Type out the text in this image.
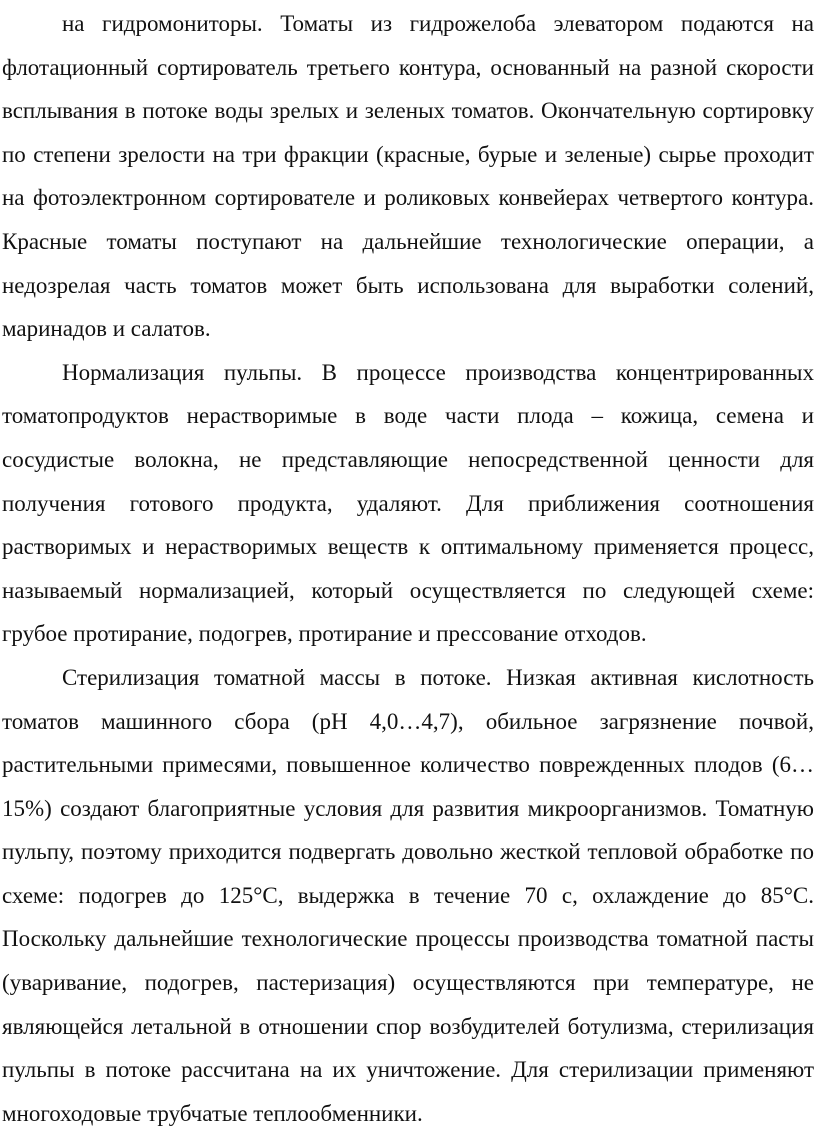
на гидромониторы. Томаты из гидрожелоба элеватором подаются на флотационный сортирователь третьего контура, основанный на разной скорости всплывания в потоке воды зрелых и зеленых томатов. Окончательную сортировку по степени зрелости на три фракции (красные, бурые и зеленые) сырье проходит на фотоэлектронном сортирователе и роликовых конвейерах четвертого контура. Красные томаты поступают на дальнейшие технологические операции, а недозрелая часть томатов может быть использована для выработки солений, маринадов и салатов.

Нормализация пульпы. В процессе производства концентрированных томатопродуктов нерастворимые в воде части плода – кожица, семена и сосудистые волокна, не представляющие непосредственной ценности для получения готового продукта, удаляют. Для приближения соотношения растворимых и нерастворимых веществ к оптимальному применяется процесс, называемый нормализацией, который осуществляется по следующей схеме: грубое протирание, подогрев, протирание и прессование отходов.

Стерилизация томатной массы в потоке. Низкая активная кислотность томатов машинного сбора (рН 4,0…4,7), обильное загрязнение почвой, растительными примесями, повышенное количество поврежденных плодов (6…15%) создают благоприятные условия для развития микроорганизмов. Томатную пульпу, поэтому приходится подвергать довольно жесткой тепловой обработке по схеме: подогрев до 125°С, выдержка в течение 70 с, охлаждение до 85°С. Поскольку дальнейшие технологические процессы производства томатной пасты (уваривание, подогрев, пастеризация) осуществляются при температуре, не являющейся летальной в отношении спор возбудителей ботулизма, стерилизация пульпы в потоке рассчитана на их уничтожение. Для стерилизации применяют многоходовые трубчатые теплообменники.
